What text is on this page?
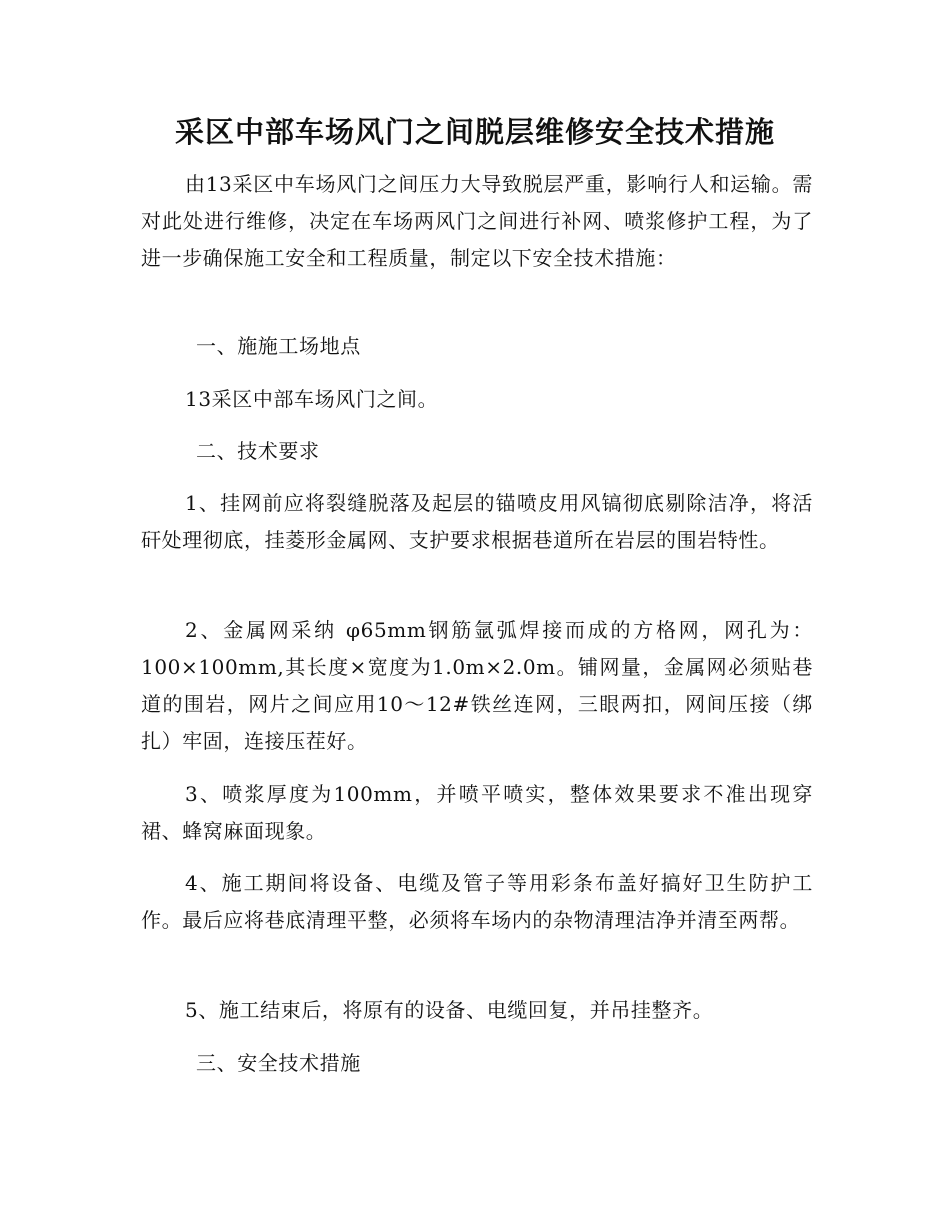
采区中部车场风门之间脱层维修安全技术措施
由13采区中车场风门之间压力大导致脱层严重，影响行人和运输。需对此处进行维修，决定在车场两风门之间进行补网、喷浆修护工程，为了进一步确保施工安全和工程质量，制定以下安全技术措施：
一、施施工场地点
13采区中部车场风门之间。
二、技术要求
1、挂网前应将裂缝脱落及起层的锚喷皮用风镐彻底剔除洁净，将活矸处理彻底，挂菱形金属网、支护要求根据巷道所在岩层的围岩特性。
2、金属网采纳 φ65mm钢筋氩弧焊接而成的方格网，网孔为：100×100mm,其长度×宽度为1.0m×2.0m。铺网量，金属网必须贴巷道的围岩，网片之间应用10～12#铁丝连网，三眼两扣，网间压接（绑扎）牢固，连接压茬好。
3、喷浆厚度为100mm，并喷平喷实，整体效果要求不准出现穿裙、蜂窝麻面现象。
4、施工期间将设备、电缆及管子等用彩条布盖好搞好卫生防护工作。最后应将巷底清理平整，必须将车场内的杂物清理洁净并清至两帮。
5、施工结束后，将原有的设备、电缆回复，并吊挂整齐。
三、安全技术措施
